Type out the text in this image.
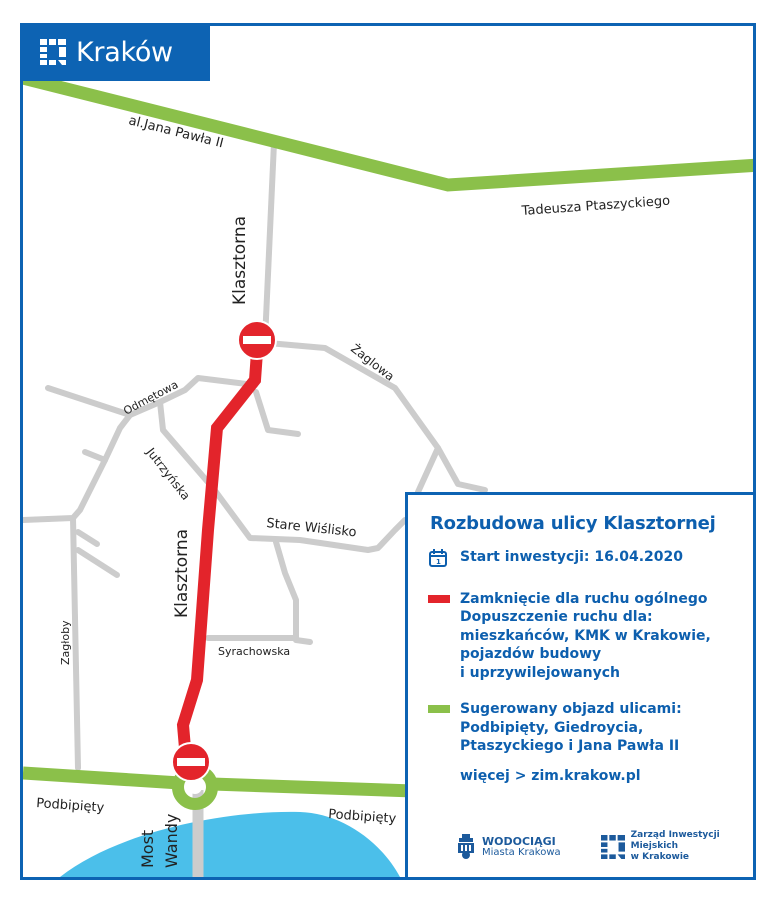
al.Jana Pawła II
Tadeusza Ptaszyckiego
Klasztorna
Żaglowa
Odmętowa
Jutrzyńska
Stare Wiślisko
Klasztorna
Syrachowska
Zagłoby
Podbipięty
Podbipięty
Most Wandy
Kraków
Rozbudowa ulicy Klasztornej
1 Start inwestycji: 16.04.2020
Zamknięcie dla ruchu ogólnego
Dopuszczenie ruchu dla:
mieszkańców, KMK w Krakowie,
pojazdów budowy
i uprzywilejowanych
Sugerowany objazd ulicami:
Podbipięty, Giedroycia,
Ptaszyckiego i Jana Pawła II
więcej > zim.krakow.pl
WODOCIĄGI
Miasta Krakowa
Zarząd Inwestycji
Miejskich
w Krakowie
